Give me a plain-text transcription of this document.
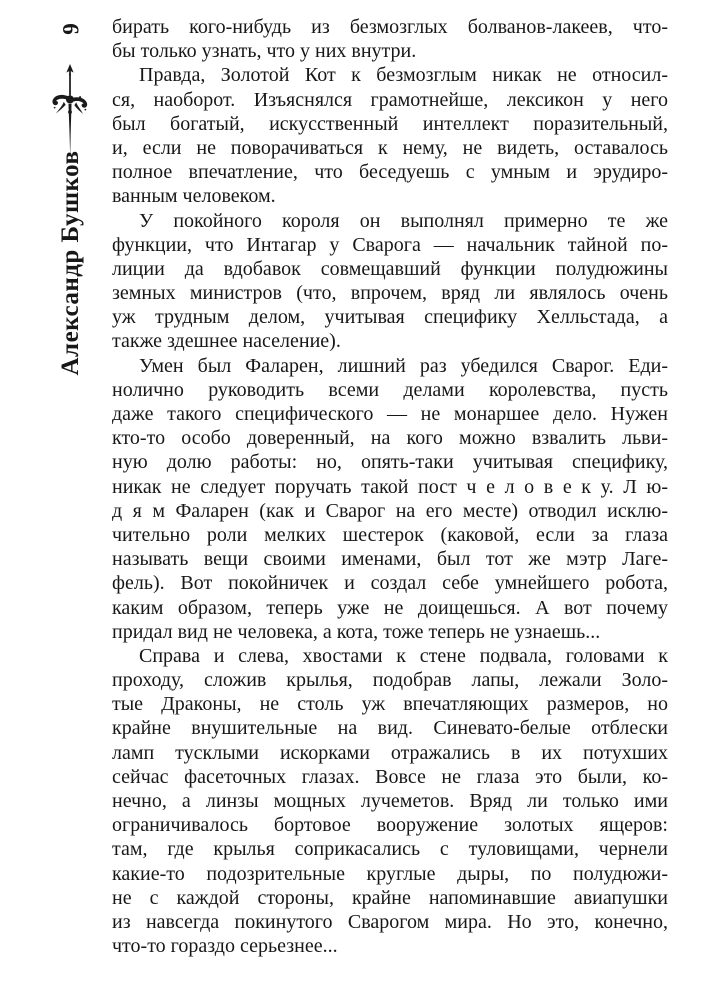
6
Александр Бушков

бирать кого-нибудь из безмозглых болванов-лакеев, что-
бы только узнать, что у них внутри.

Правда, Золотой Кот к безмозглым никак не относил-
ся, наоборот. Изъяснялся грамотнейше, лексикон у него
был богатый, искусственный интеллект поразительный,
и, если не поворачиваться к нему, не видеть, оставалось
полное впечатление, что беседуешь с умным и эрудиро-
ванным человеком.

У покойного короля он выполнял примерно те же
функции, что Интагар у Сварога — начальник тайной по-
лиции да вдобавок совмещавший функции полудюжины
земных министров (что, впрочем, вряд ли являлось очень
уж трудным делом, учитывая специфику Хелльстада, а
также здешнее население).

Умен был Фаларен, лишний раз убедился Сварог. Еди-
нолично руководить всеми делами королевства, пусть
даже такого специфического — не монаршее дело. Нужен
кто-то особо доверенный, на кого можно взвалить льви-
ную долю работы: но, опять-таки учитывая специфику,
никак не следует поручать такой пост ч е л о в е к у. Л ю-
д я м Фаларен (как и Сварог на его месте) отводил исклю-
чительно роли мелких шестерок (каковой, если за глаза
называть вещи своими именами, был тот же мэтр Лаге-
фель). Вот покойничек и создал себе умнейшего робота,
каким образом, теперь уже не доищешься. А вот почему
придал вид не человека, а кота, тоже теперь не узнаешь...

Справа и слева, хвостами к стене подвала, головами к
проходу, сложив крылья, подобрав лапы, лежали Золо-
тые Драконы, не столь уж впечатляющих размеров, но
крайне внушительные на вид. Синевато-белые отблески
ламп тусклыми искорками отражались в их потухших
сейчас фасеточных глазах. Вовсе не глаза это были, ко-
нечно, а линзы мощных лучеметов. Вряд ли только ими
ограничивалось бортовое вооружение золотых ящеров:
там, где крылья соприкасались с туловищами, чернели
какие-то подозрительные круглые дыры, по полудюжи-
не с каждой стороны, крайне напоминавшие авиапушки
из навсегда покинутого Сварогом мира. Но это, конечно,
что-то гораздо серьезнее...
